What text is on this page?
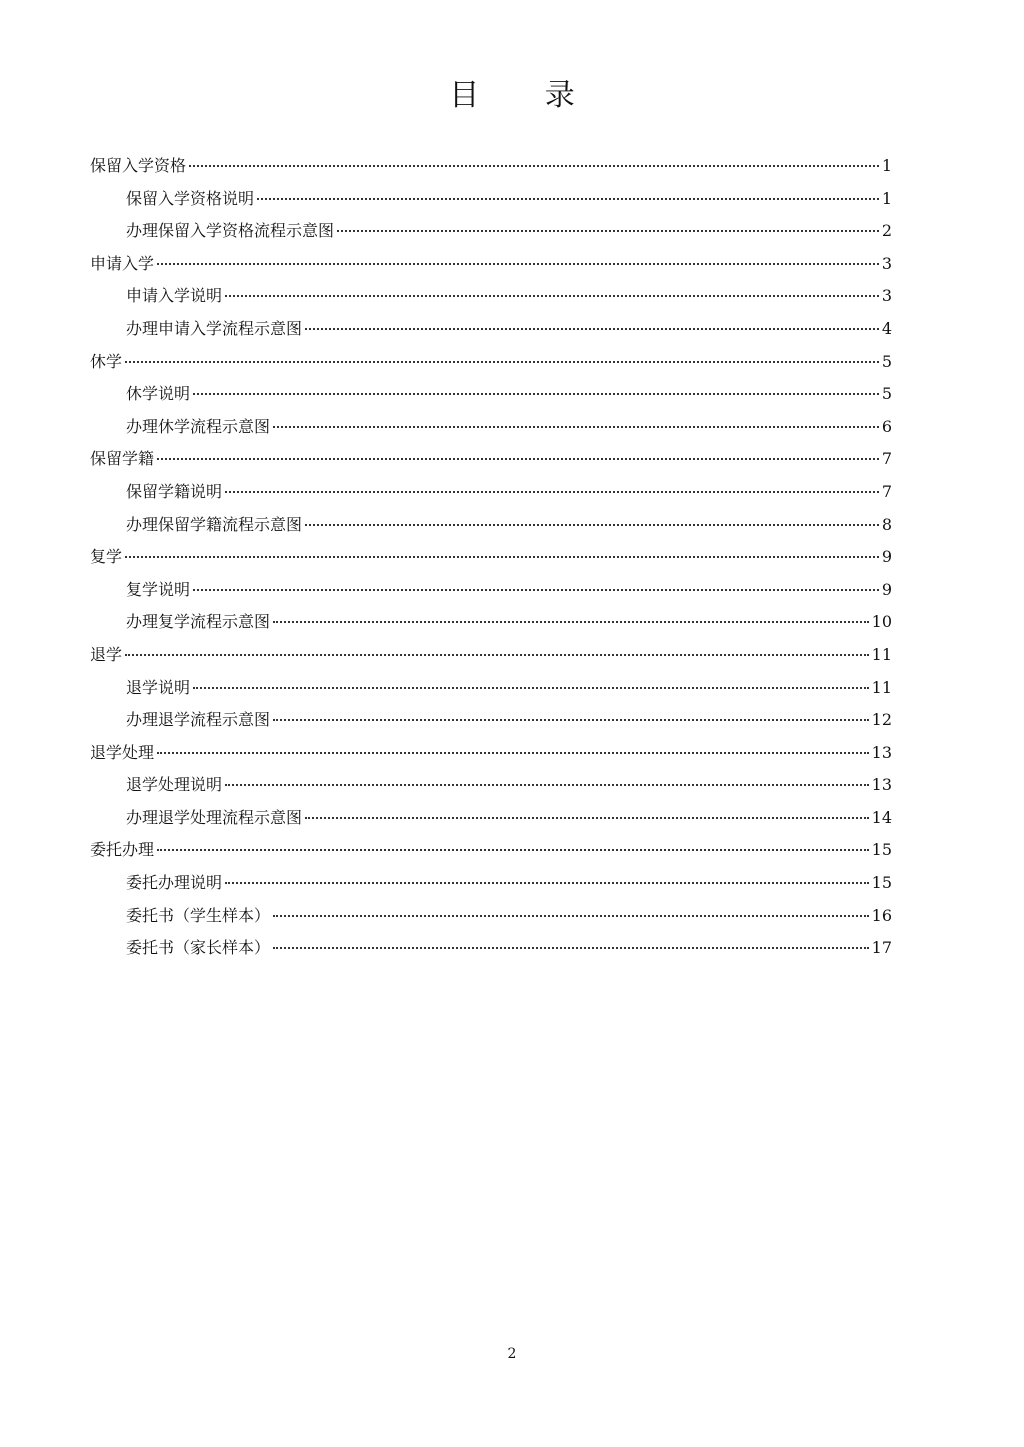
目 录
保留入学资格	1
保留入学资格说明	1
办理保留入学资格流程示意图	2
申请入学	3
申请入学说明	3
办理申请入学流程示意图	4
休学	5
休学说明	5
办理休学流程示意图	6
保留学籍	7
保留学籍说明	7
办理保留学籍流程示意图	8
复学	9
复学说明	9
办理复学流程示意图	10
退学	11
退学说明	11
办理退学流程示意图	12
退学处理	13
退学处理说明	13
办理退学处理流程示意图	14
委托办理	15
委托办理说明	15
委托书（学生样本）	16
委托书（家长样本）	17
2
